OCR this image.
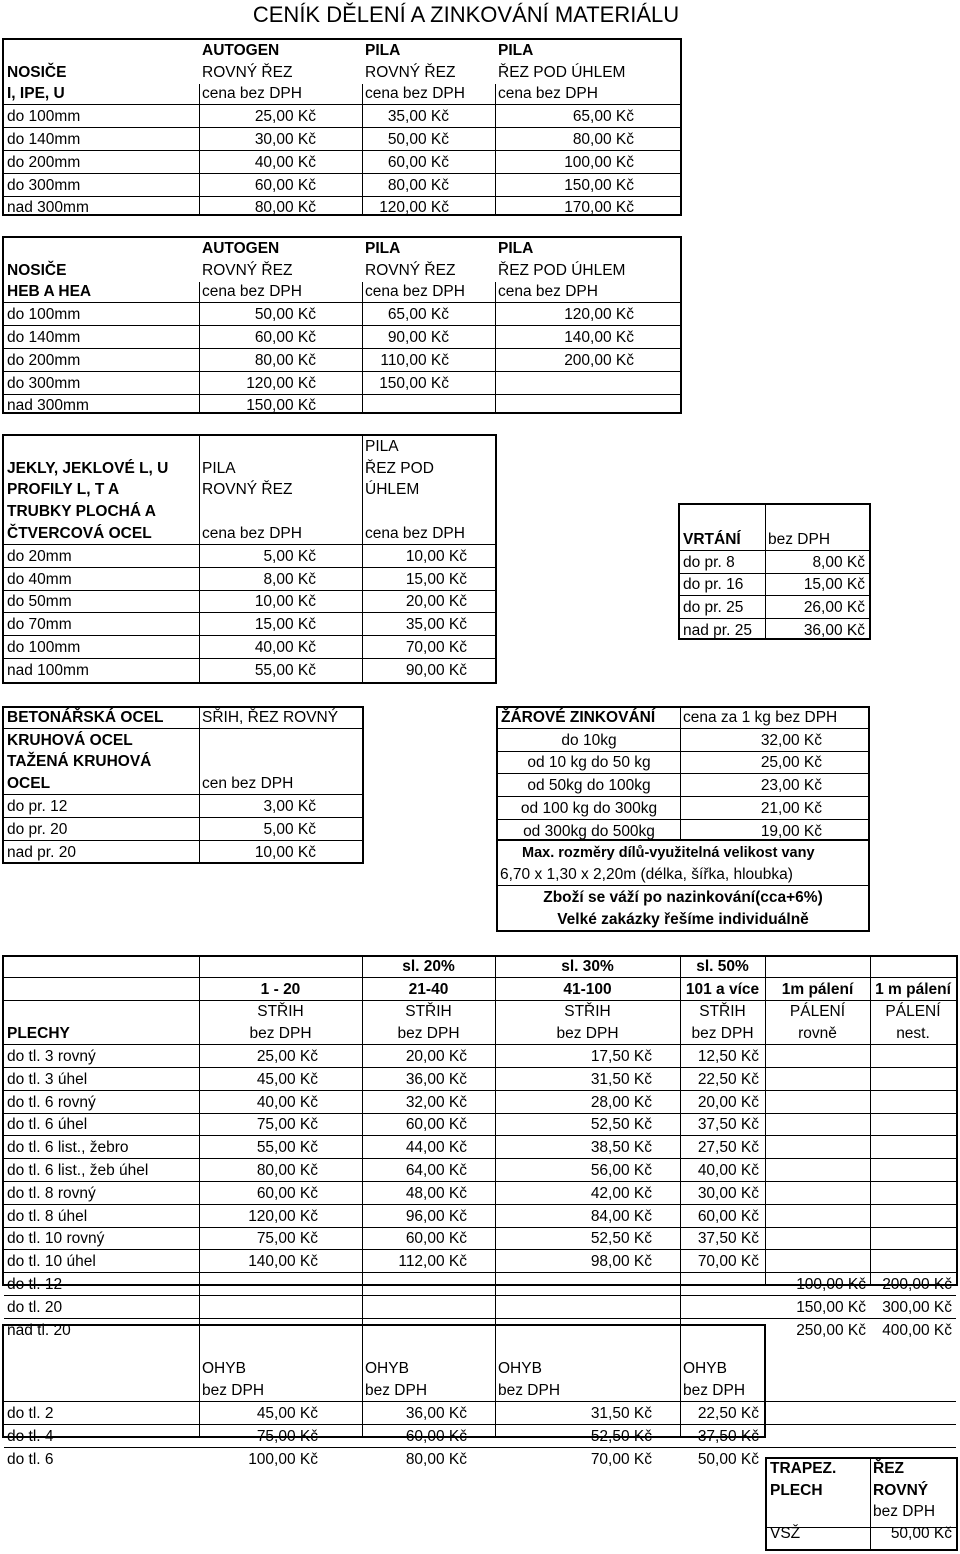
CENÍK DĚLENÍ A ZINKOVÁNÍ MATERIÁLU
	AUTOGEN	PILA	PILA
NOSIČE	ROVNÝ ŘEZ	ROVNÝ ŘEZ	ŘEZ POD ÚHLEM
I, IPE, U	cena bez DPH	cena bez DPH	cena bez DPH
do 100mm	25,00 Kč	35,00 Kč	65,00 Kč
do 140mm	30,00 Kč	50,00 Kč	80,00 Kč
do 200mm	40,00 Kč	60,00 Kč	100,00 Kč
do 300mm	60,00 Kč	80,00 Kč	150,00 Kč
nad 300mm	80,00 Kč	120,00 Kč	170,00 Kč
	AUTOGEN	PILA	PILA
NOSIČE	ROVNÝ ŘEZ	ROVNÝ ŘEZ	ŘEZ POD ÚHLEM
HEB A HEA	cena bez DPH	cena bez DPH	cena bez DPH
do 100mm	50,00 Kč	65,00 Kč	120,00 Kč
do 140mm	60,00 Kč	90,00 Kč	140,00 Kč
do 200mm	80,00 Kč	110,00 Kč	200,00 Kč
do 300mm	120,00 Kč	150,00 Kč	
nad 300mm	150,00 Kč		
		PILA
JEKLY, JEKLOVÉ L, U	PILA	ŘEZ POD
PROFILY L, T A	ROVNÝ ŘEZ	ÚHLEM
TRUBKY PLOCHÁ A		
ČTVERCOVÁ OCEL	cena bez DPH	cena bez DPH
do 20mm	5,00 Kč	10,00 Kč
do 40mm	8,00 Kč	15,00 Kč
do 50mm	10,00 Kč	20,00 Kč
do 70mm	15,00 Kč	35,00 Kč
do 100mm	40,00 Kč	70,00 Kč
nad 100mm	55,00 Kč	90,00 Kč
VRTÁNÍ	bez DPH
do pr. 8	8,00 Kč
do pr. 16	15,00 Kč
do pr. 25	26,00 Kč
nad pr. 25	36,00 Kč
BETONÁŘSKÁ OCEL	SŘIH, ŘEZ ROVNÝ
KRUHOVÁ OCEL	
TAŽENÁ KRUHOVÁ	
OCEL	cen bez DPH
do pr. 12	3,00 Kč
do pr. 20	5,00 Kč
nad pr. 20	10,00 Kč
ŽÁROVÉ ZINKOVÁNÍ	cena za 1 kg bez DPH
do 10kg	32,00 Kč
od 10 kg do 50 kg	25,00 Kč
od 50kg do 100kg	23,00 Kč
od 100 kg do 300kg	21,00 Kč
od 300kg do 500kg	19,00 Kč
Max. rozměry dílů-využitelná velikost vany	
6,70 x 1,30 x 2,20m (délka, šířka, hloubka)	
Zboží se váží po nazinkování(cca+6%)	
Velké zakázky řešíme individuálně	
		sl. 20%	sl. 30%	sl. 50%		
	1 - 20	21-40	41-100	101 a více	1m pálení	1 m pálení
	STŘIH	STŘIH	STŘIH	STŘIH	PÁLENÍ	PÁLENÍ
PLECHY	bez DPH	bez DPH	bez DPH	bez DPH	rovně	nest.
do tl. 3 rovný	25,00 Kč	20,00 Kč	17,50 Kč	12,50 Kč		
do tl. 3 úhel	45,00 Kč	36,00 Kč	31,50 Kč	22,50 Kč		
do tl. 6 rovný	40,00 Kč	32,00 Kč	28,00 Kč	20,00 Kč		
do tl. 6 úhel	75,00 Kč	60,00 Kč	52,50 Kč	37,50 Kč		
do tl. 6 list., žebro	55,00 Kč	44,00 Kč	38,50 Kč	27,50 Kč		
do tl. 6 list., žeb úhel	80,00 Kč	64,00 Kč	56,00 Kč	40,00 Kč		
do tl. 8 rovný	60,00 Kč	48,00 Kč	42,00 Kč	30,00 Kč		
do tl. 8 úhel	120,00 Kč	96,00 Kč	84,00 Kč	60,00 Kč		
do tl. 10 rovný	75,00 Kč	60,00 Kč	52,50 Kč	37,50 Kč		
do tl. 10 úhel	140,00 Kč	112,00 Kč	98,00 Kč	70,00 Kč		
do tl. 12					100,00 Kč	200,00 Kč
do tl. 20					150,00 Kč	300,00 Kč
nad tl. 20					250,00 Kč	400,00 Kč

	OHYB	OHYB	OHYB	OHYB		
	bez DPH	bez DPH	bez DPH	bez DPH		
do tl. 2	45,00 Kč	36,00 Kč	31,50 Kč	22,50 Kč		
do tl. 4	75,00 Kč	60,00 Kč	52,50 Kč	37,50 Kč		
do tl. 6	100,00 Kč	80,00 Kč	70,00 Kč	50,00 Kč		
TRAPEZ.	ŘEZ
PLECH	ROVNÝ
	bez DPH
VSŽ	50,00 Kč
